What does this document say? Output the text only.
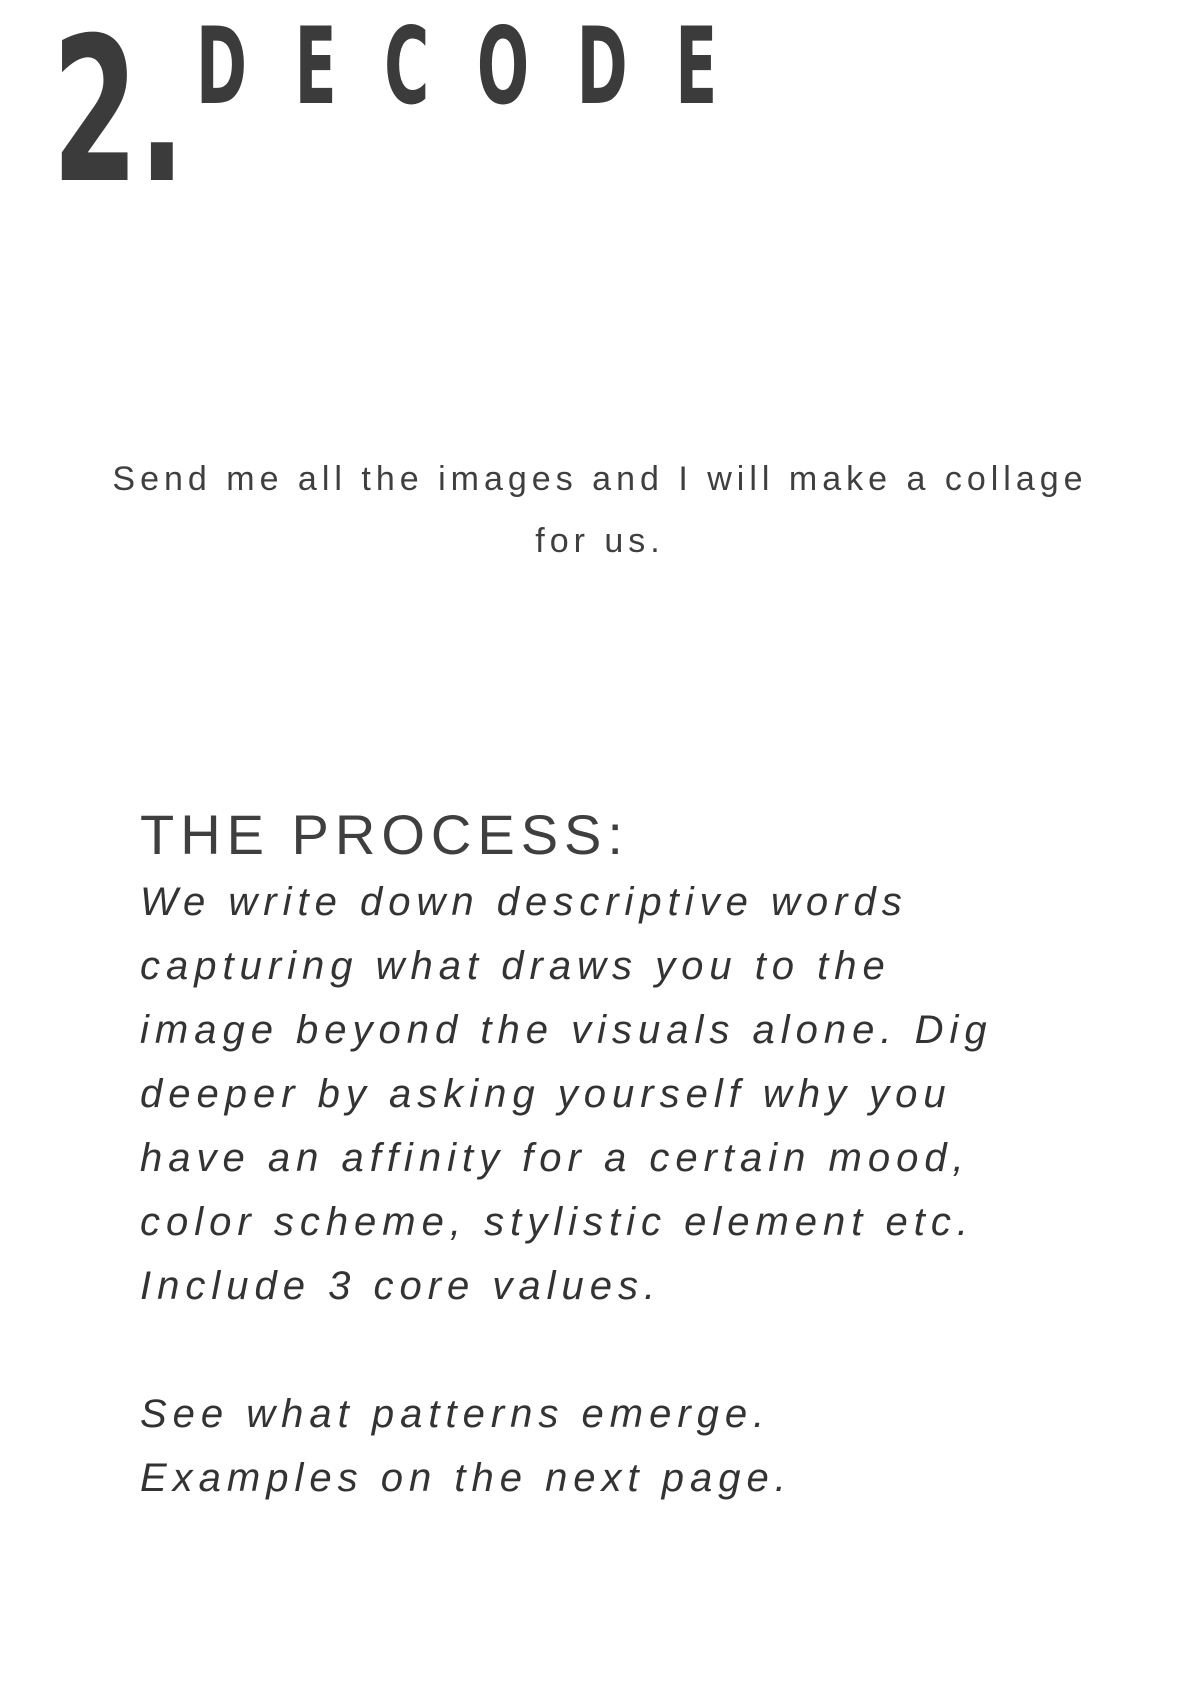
2. DECODE
Send me all the images and I will make a collage
for us.
THE PROCESS:
We write down descriptive words
capturing what draws you to the
image beyond the visuals alone. Dig
deeper by asking yourself why you
have an affinity for a certain mood,
color scheme, stylistic element etc.
Include 3 core values.
See what patterns emerge.
Examples on the next page.
